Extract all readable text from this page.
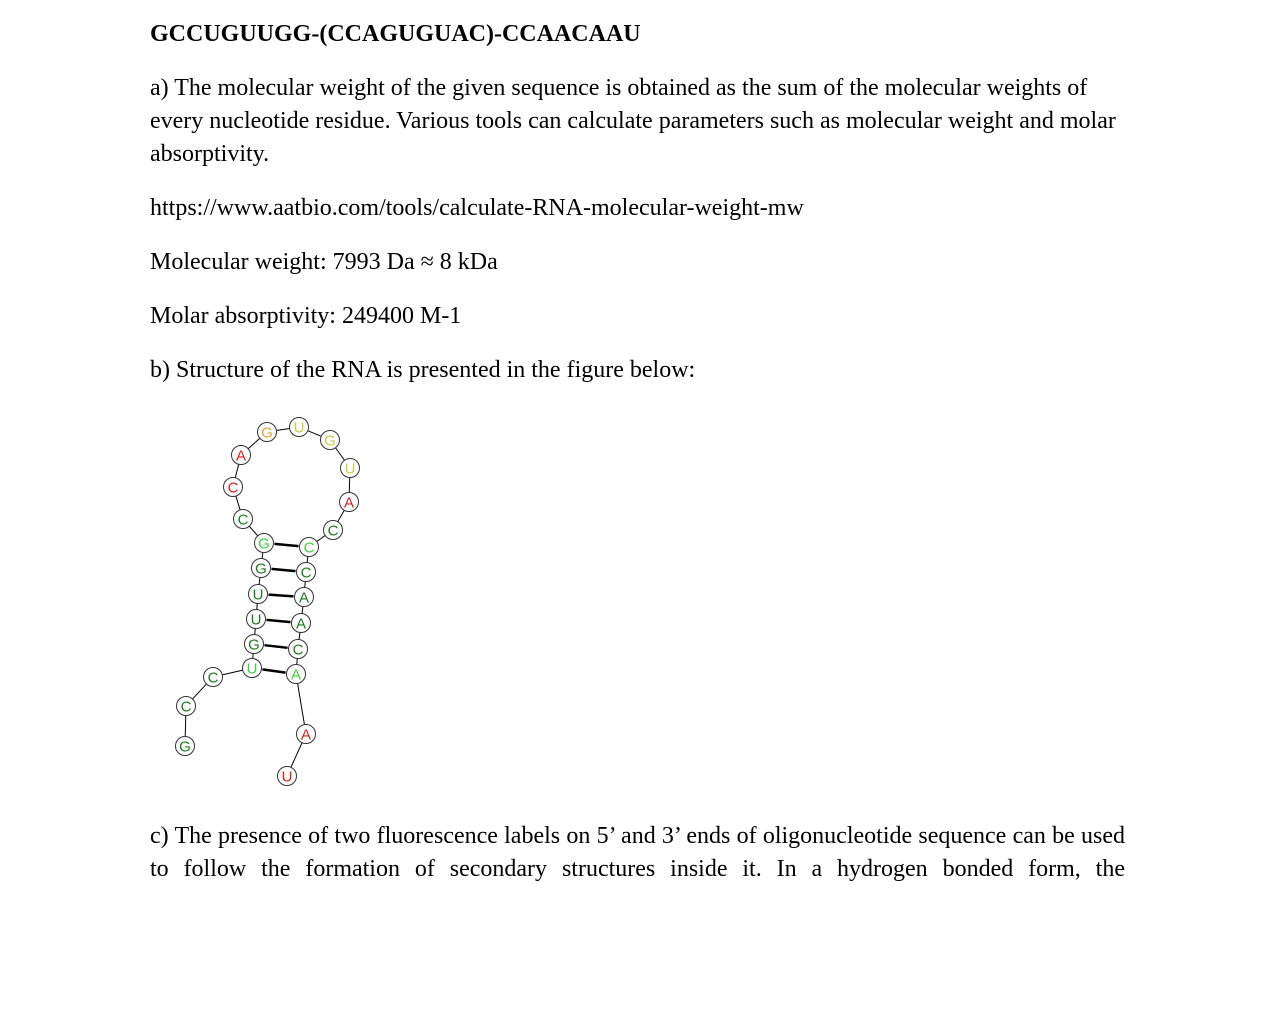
GCCUGUUGG-(CCAGUGUAC)-CCAACAAU
a) The molecular weight of the given sequence is obtained as the sum of the molecular weights of every nucleotide residue. Various tools can calculate parameters such as molecular weight and molar absorptivity.
https://www.aatbio.com/tools/calculate-RNA-molecular-weight-mw
Molecular weight: 7993 Da ≈ 8 kDa
Molar absorptivity: 249400 M-1
b) Structure of the RNA is presented in the figure below:
G
C
C
U
G
U
U
G
G
C
C
A
G U
G
U
A
C
C
C
A
A
C
A
A
U
c) The presence of two fluorescence labels on 5’ and 3’ ends of oligonucleotide sequence can be used to follow the formation of secondary structures inside it. In a hydrogen bonded form, the
